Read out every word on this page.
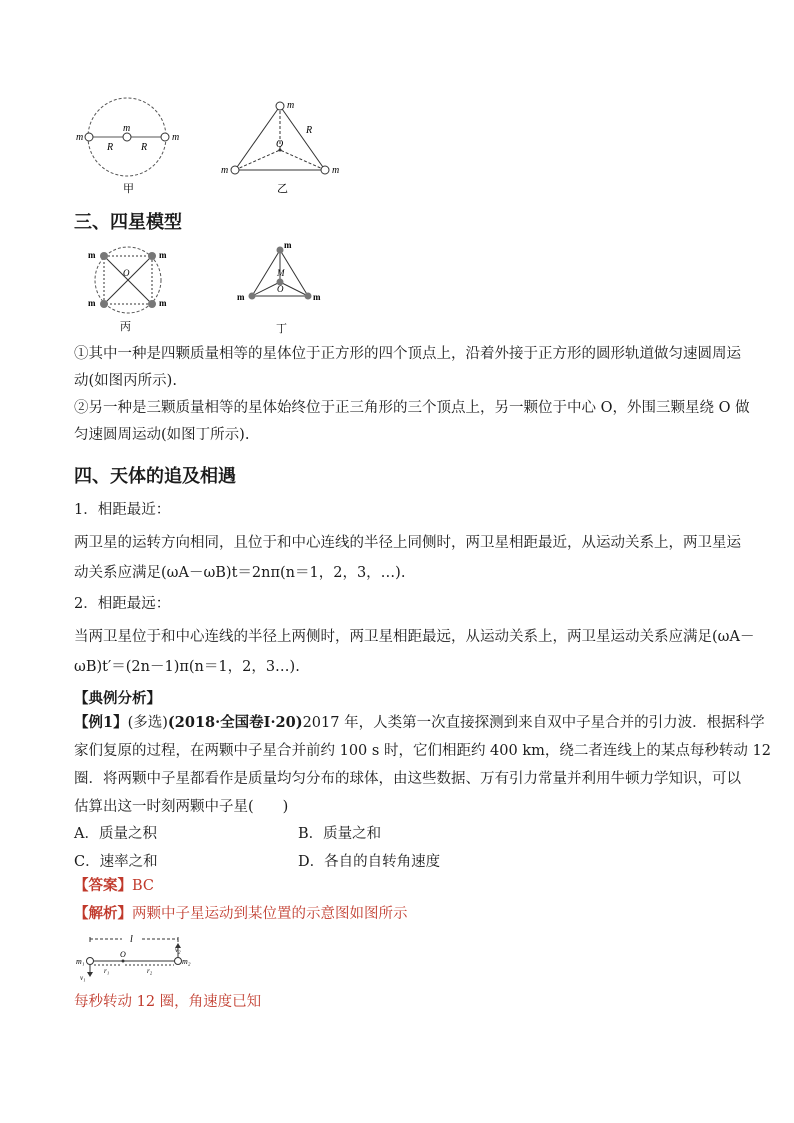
m
m
m
R	R
甲
m
m	m
R
O
乙
三、四星模型
m	m
m	m
O
丙
m
m	m
M
O
丁
①其中一种是四颗质量相等的星体位于正方形的四个顶点上，沿着外接于正方形的圆形轨道做匀速圆周运
动(如图丙所示).
②另一种是三颗质量相等的星体始终位于正三角形的三个顶点上，另一颗位于中心 O，外围三颗星绕 O 做
匀速圆周运动(如图丁所示).
四、天体的追及相遇
1．相距最近：
两卫星的运转方向相同，且位于和中心连线的半径上同侧时，两卫星相距最近，从运动关系上，两卫星运
动关系应满足(ωA－ωB)t＝2nπ(n＝1，2，3，…).
2．相距最远：
当两卫星位于和中心连线的半径上两侧时，两卫星相距最远，从运动关系上，两卫星运动关系应满足(ωA－
ωB)t′＝(2n－1)π(n＝1，2，3…).
【典例分析】
【例1】(多选)(2018·全国卷Ⅰ·20)2017 年，人类第一次直接探测到来自双中子星合并的引力波．根据科学
家们复原的过程，在两颗中子星合并前约 100 s 时，它们相距约 400 km，绕二者连线上的某点每秒转动 12
圈．将两颗中子星都看作是质量均匀分布的球体，由这些数据、万有引力常量并利用牛顿力学知识，可以
估算出这一时刻两颗中子星(　　)
A．质量之积	B．质量之和
C．速率之和	D．各自的自转角速度
【答案】BC
【解析】两颗中子星运动到某位置的示意图如图所示
l
m₁	m₂
v₂
v₁
O
r₁	r₂
每秒转动 12 圈，角速度已知
